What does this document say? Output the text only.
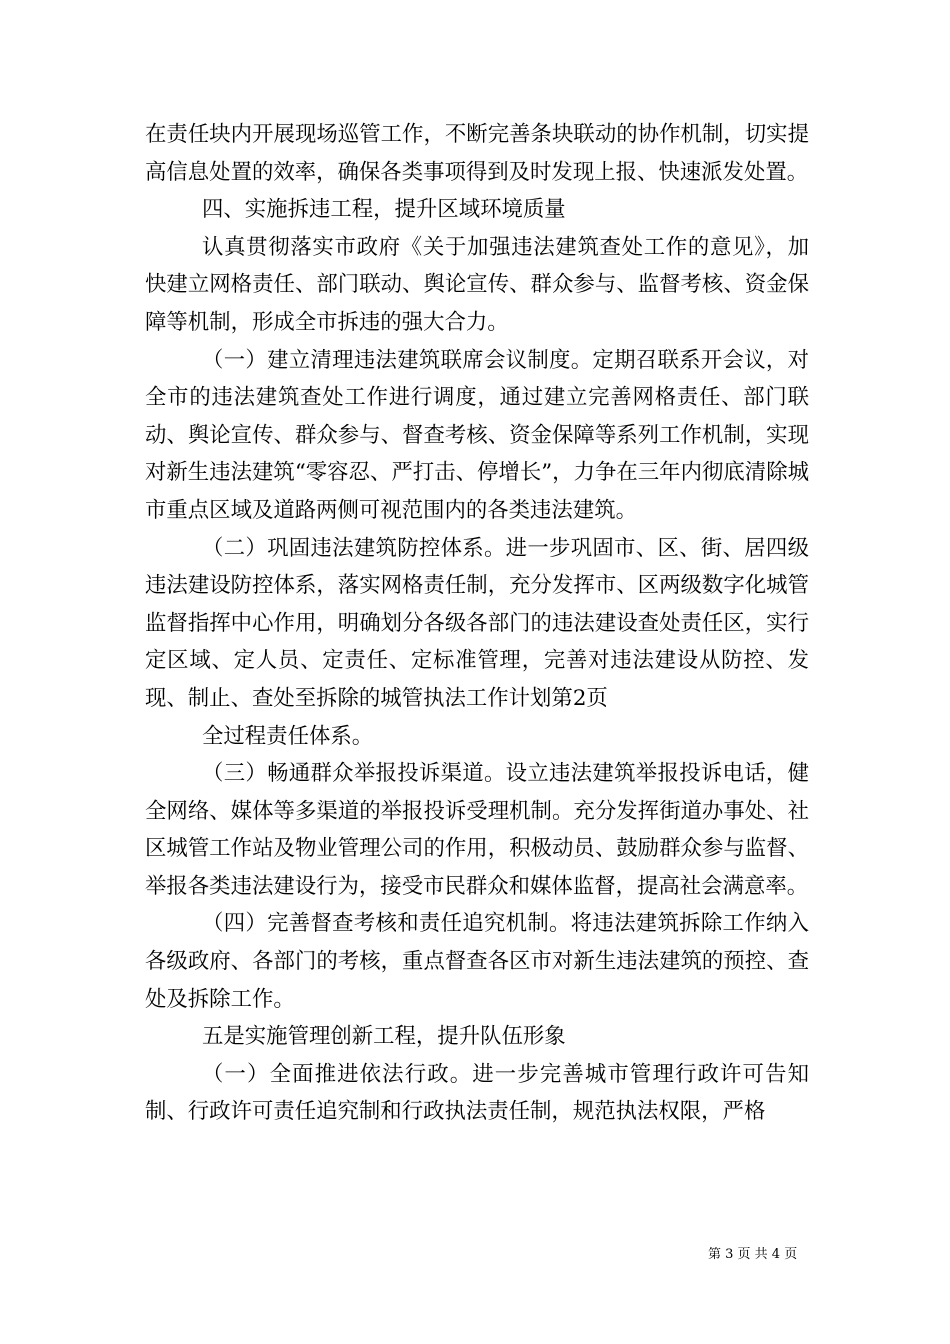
在责任块内开展现场巡管工作，不断完善条块联动的协作机制，切实提高信息处置的效率，确保各类事项得到及时发现上报、快速派发处置。

四、实施拆违工程，提升区域环境质量

认真贯彻落实市政府《关于加强违法建筑查处工作的意见》，加快建立网格责任、部门联动、舆论宣传、群众参与、监督考核、资金保障等机制，形成全市拆违的强大合力。

（一）建立清理违法建筑联席会议制度。定期召联系开会议，对全市的违法建筑查处工作进行调度，通过建立完善网格责任、部门联动、舆论宣传、群众参与、督查考核、资金保障等系列工作机制，实现对新生违法建筑“零容忍、严打击、停增长”，力争在三年内彻底清除城市重点区域及道路两侧可视范围内的各类违法建筑。

（二）巩固违法建筑防控体系。进一步巩固市、区、街、居四级违法建设防控体系，落实网格责任制，充分发挥市、区两级数字化城管监督指挥中心作用，明确划分各级各部门的违法建设查处责任区，实行定区域、定人员、定责任、定标准管理，完善对违法建设从防控、发现、制止、查处至拆除的城管执法工作计划第2页

全过程责任体系。

（三）畅通群众举报投诉渠道。设立违法建筑举报投诉电话，健全网络、媒体等多渠道的举报投诉受理机制。充分发挥街道办事处、社区城管工作站及物业管理公司的作用，积极动员、鼓励群众参与监督、举报各类违法建设行为，接受市民群众和媒体监督，提高社会满意率。

（四）完善督查考核和责任追究机制。将违法建筑拆除工作纳入各级政府、各部门的考核，重点督查各区市对新生违法建筑的预控、查处及拆除工作。

五是实施管理创新工程，提升队伍形象

（一）全面推进依法行政。进一步完善城市管理行政许可告知制、行政许可责任追究制和行政执法责任制，规范执法权限，严格

第 3 页 共 4 页
